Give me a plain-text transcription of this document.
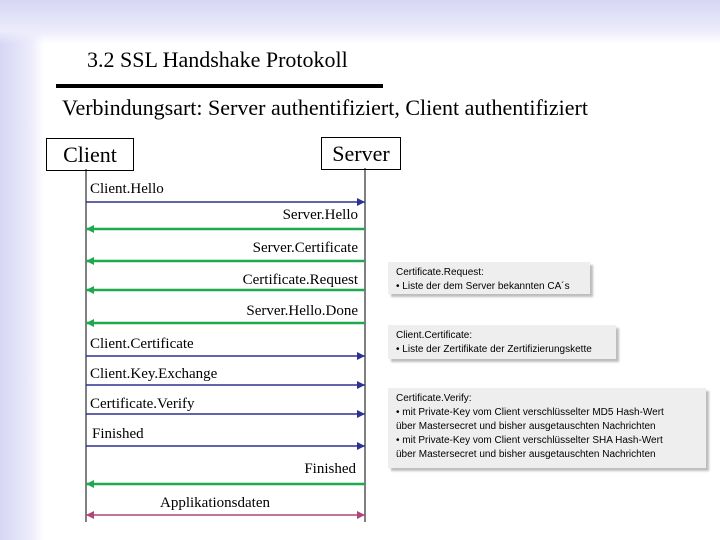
3.2 SSL Handshake Protokoll
Verbindungsart: Server authentifiziert, Client authentifiziert
Client	Server
Client.Hello
Server.Hello
Server.Certificate
Certificate.Request
Server.Hello.Done
Client.Certificate
Client.Key.Exchange
Certificate.Verify
Finished
Finished
Applikationsdaten
Certificate.Request:
• Liste der dem Server bekannten CA´s
Client.Certificate:
• Liste der Zertifikate der Zertifizierungskette
Certificate.Verify:
• mit Private-Key vom Client verschlüsselter MD5 Hash-Wert
über Mastersecret und bisher ausgetauschten Nachrichten
• mit Private-Key vom Client verschlüsselter SHA Hash-Wert
über Mastersecret und bisher ausgetauschten Nachrichten
